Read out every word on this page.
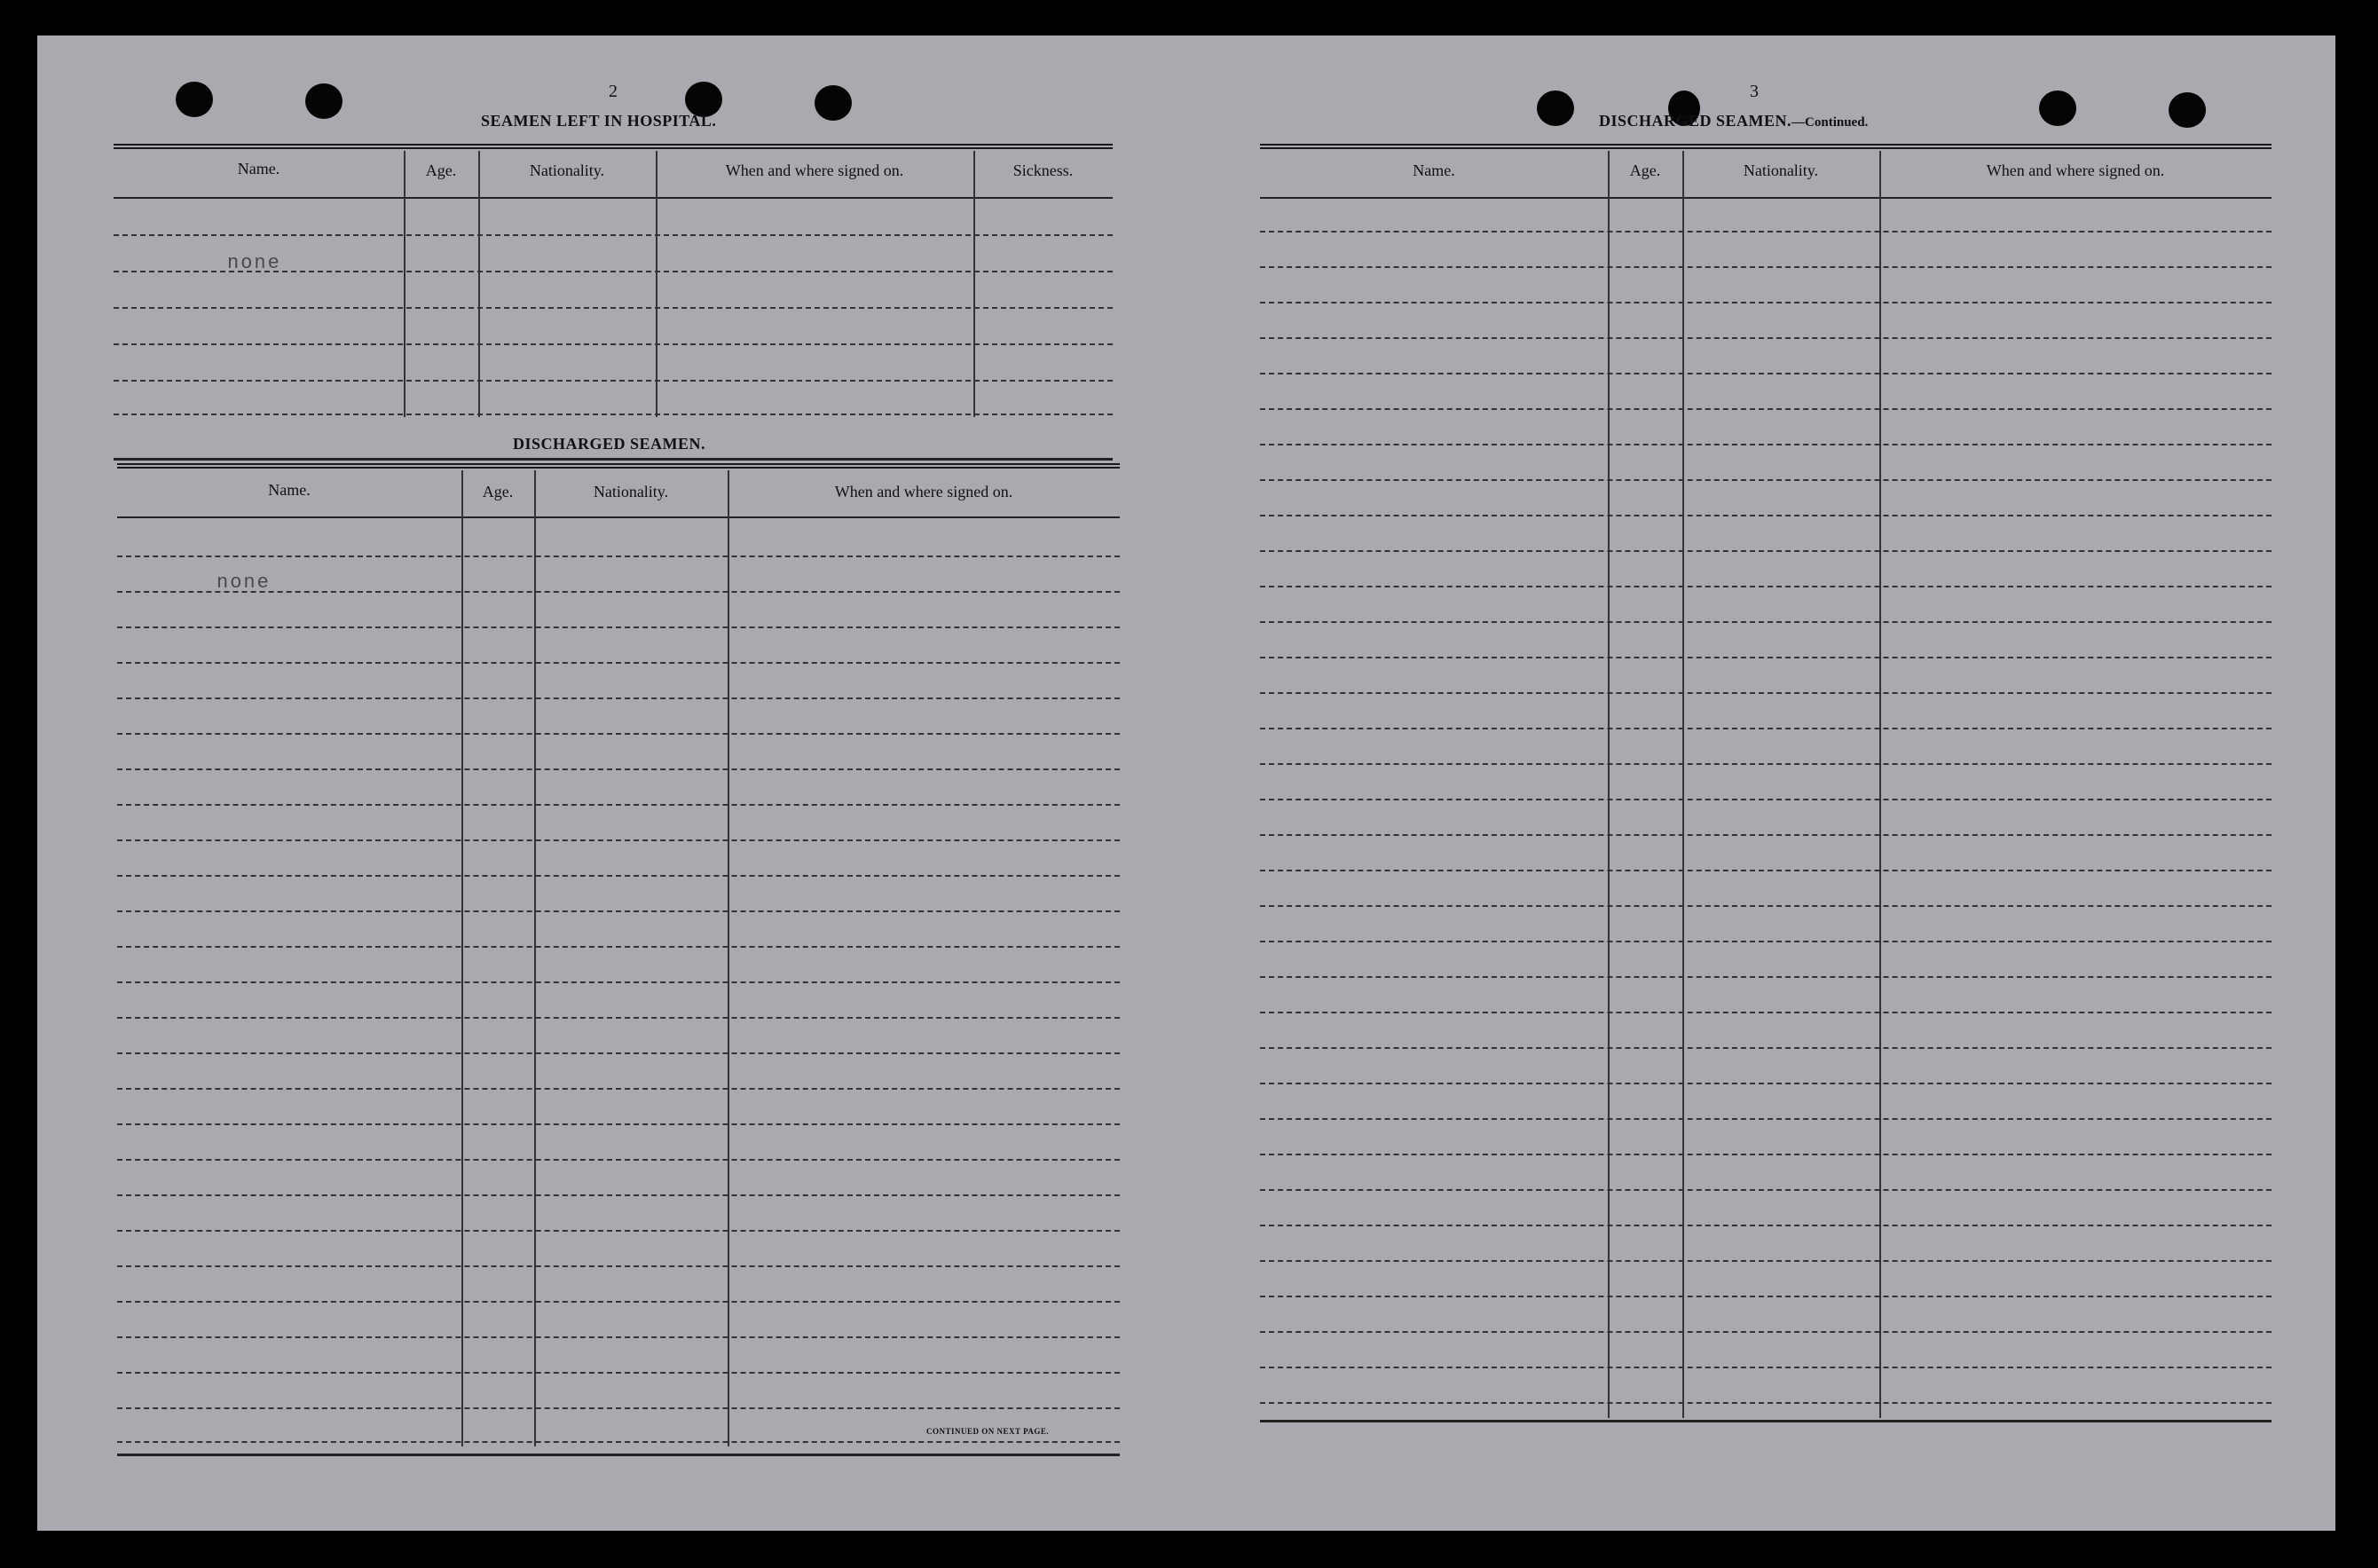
2
SEAMEN LEFT IN HOSPITAL.
Name.	Age.	Nationality.	When and where signed on.	Sickness.
none
DISCHARGED SEAMEN.
Name.	Age.	Nationality.	When and where signed on.
none
CONTINUED ON NEXT PAGE.
3
DISCHARGED SEAMEN.—Continued.
Name.	Age.	Nationality.	When and where signed on.
